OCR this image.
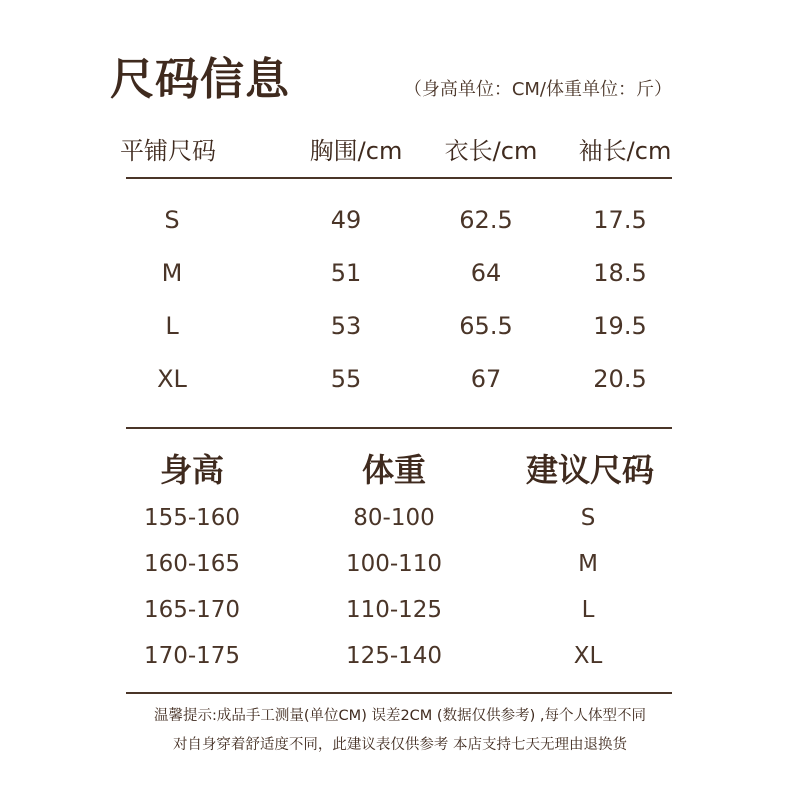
尺码信息	（身高单位：CM/体重单位：斤）
平铺尺码	胸围/cm 衣长/cm 袖长/cm
S	49	62.5	17.5
M	51	64	18.5
L	53	65.5	19.5
XL	55	67	20.5
身高	体重	建议尺码
155-160	80-100	S
160-165	100-110	M
165-170	110-125	L
170-175	125-140	XL
温馨提示:成品手工测量(单位CM) 误差2CM (数据仅供参考) ,每个人体型不同
对自身穿着舒适度不同，此建议表仅供参考 本店支持七天无理由退换货
